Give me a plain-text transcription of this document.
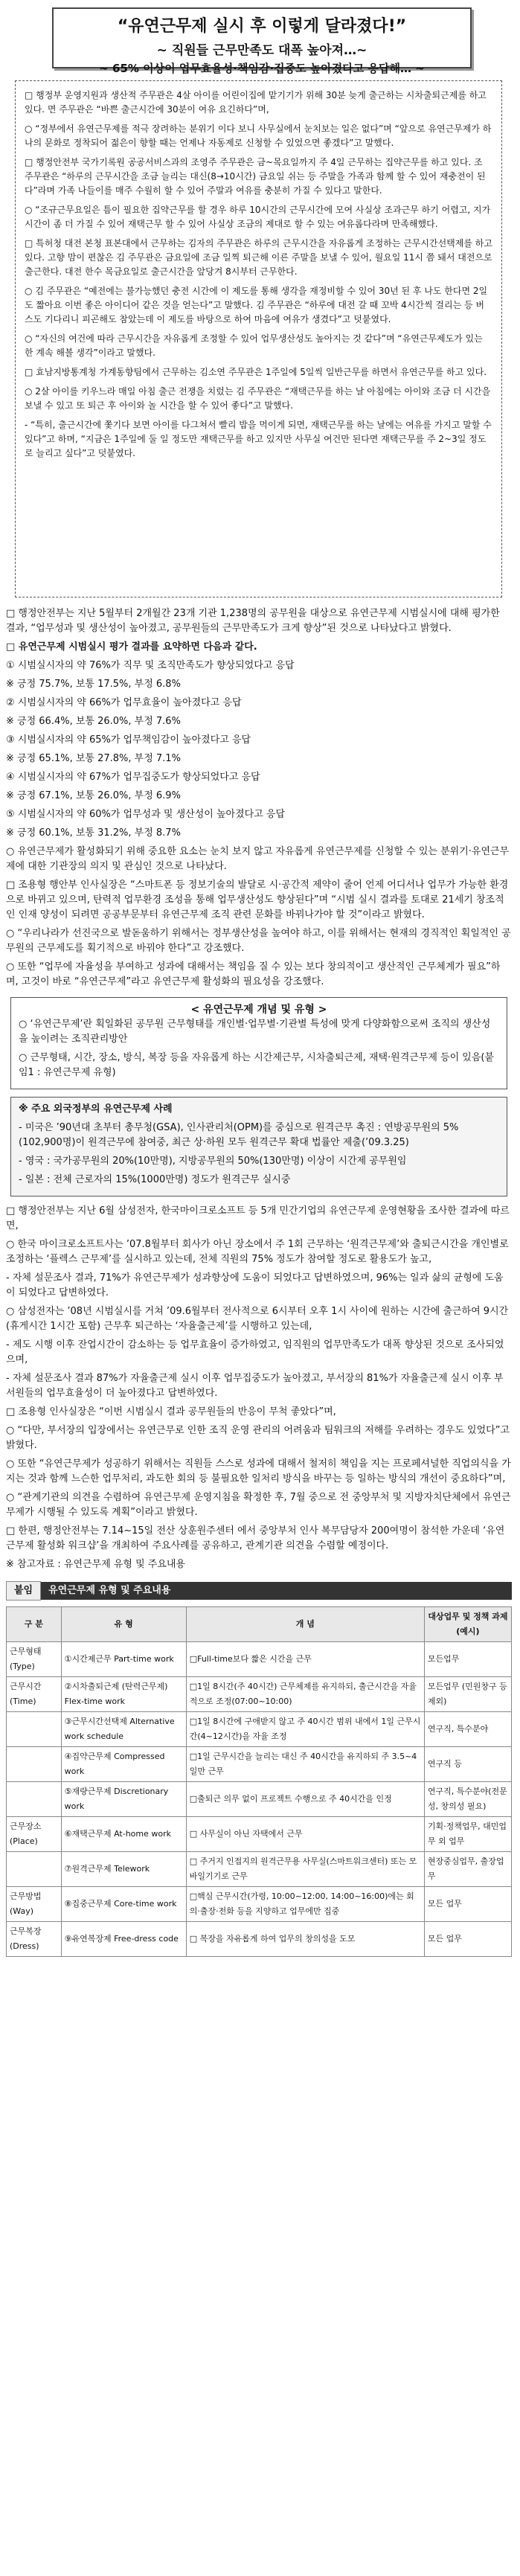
“유연근무제 실시 후 이렇게 달라졌다!”
~ 직원들 근무만족도 대폭 높아져…~
~ 65% 이상이 업무효율성·책임감·집중도 높아졌다고 응답해… ~

□ 행정부 운영지원과 생산적 주무관은 4살 아이를 어린이집에 맡기기가 위해 30분 늦게 출근하는 시차출퇴근제를 하고 있다. 면 주무관은 “바쁜 출근시간에 30분이 여유 요긴하다”며,

○ “정부에서 유연근무제를 적극 장려하는 분위기 이다 보니 사무실에서 눈치보는 일은 없다”며 “앞으로 유연근무제가 하나의 문화로 정착되어 젊은이 향할 때는 언제나 자동제로 신청할 수 있었으면 좋겠다”고 말했다.

□ 행정안전부 국가기록원 공공서비스과의 조영주 주무관은 금~목요일까지 주 4일 근무하는 집약근무를 하고 있다. 조 주무관은 “하루의 근무시간을 조금 늘리는 대신(8→10시간) 금요일 쉬는 등 주말을 가족과 함께 할 수 있어 재충전이 된다”라며 가족 나들이를 매주 수월히 할 수 있어 주말과 여유를 충분히 가질 수 있다고 말한다.

○ “조규근무요일은 틈이 필요한 집약근무를 할 경우 하루 10시간의 근무시간에 모여 사실상 조과근무 하기 어렵고, 지가시간이 좀 더 가질 수 있어 재택근무 할 수 있어 사실상 조금의 제대로 할 수 있는 여유롭다라며 만족해했다.

□ 특허청 대전 본청 표본대에서 근무하는 김자의 주무관은 하루의 근무시간을 자유롭게 조정하는 근무시간선택제를 하고 있다. 고향 맘이 편찮은 김 주무관은 금요일에 조금 일찍 퇴근해 이른 주말을 보낼 수 있어, 월요일 11시 쯤 돼서 대전으로 출근한다. 대전 한수 목금요일로 출근시간을 앞당겨 8시부터 근무한다.

○ 김 주무관은 “예전에는 불가능했던 충전 시간에 이 제도를 통해 생각을 재정비할 수 있어 30년 된 후 나도 한다면 2일도 짧아요 이번 좋은 아이디어 같은 것을 얻는다”고 말했다. 김 주무관은 “하루에 대전 갈 때 꼬박 4시간씩 걸리는 등 버스도 기다리니 피곤해도 참았는데 이 제도를 바탕으로 하여 마음에 여유가 생겼다”고 덧붙였다.

○ “자신의 여건에 따라 근무시간을 자유롭게 조정할 수 있어 업무생산성도 높아지는 것 같다”며 “유연근무제도가 있는 한 계속 해볼 생각”이라고 말했다.

□ 효남지방통계청 가계동향팀에서 근무하는 김소연 주무관은 1주일에 5일씩 일반근무를 하면서 유연근무를 하고 있다.

○ 2살 아이를 키우느라 매일 아침 출근 전쟁을 치렀는 김 주무관은 “재택근무를 하는 날 아침에는 아이와 조금 더 시간을 보낼 수 있고 또 퇴근 후 아이와 놀 시간을 할 수 있어 좋다”고 말했다.

- “특히, 출근시간에 쫓기다 보면 아이를 다그쳐서 빨리 밥을 먹이게 되면, 재택근무를 하는 날에는 여유를 가지고 말할 수 있다”고 하며, “지금은 1주일에 둘 일 정도만 재택근무를 하고 있지만 사무실 여건만 된다면 재택근무를 주 2~3일 정도로 늘리고 싶다”고 덧붙였다.

□ 행정안전부는 지난 5월부터 2개월간 23개 기관 1,238명의 공무원을 대상으로 유연근무제 시범실시에 대해 평가한 결과, “업무성과 및 생산성이 높아졌고, 공무원들의 근무만족도가 크게 향상”된 것으로 나타났다고 밝혔다.

□ 유연근무제 시범실시 평가 결과를 요약하면 다음과 같다.

① 시범실시자의 약 76%가 직무 및 조직만족도가 향상되었다고 응답

※ 긍정 75.7%, 보통 17.5%, 부정 6.8%

② 시범실시자의 약 66%가 업무효율이 높아졌다고 응답

※ 긍정 66.4%, 보통 26.0%, 부정 7.6%

③ 시범실시자의 약 65%가 업무책임감이 높아졌다고 응답

※ 긍정 65.1%, 보통 27.8%, 부정 7.1%

④ 시범실시자의 약 67%가 업무집중도가 향상되었다고 응답

※ 긍정 67.1%, 보통 26.0%, 부정 6.9%

⑤ 시범실시자의 약 60%가 업무성과 및 생산성이 높아졌다고 응답

※ 긍정 60.1%, 보통 31.2%, 부정 8.7%

○ 유연근무제가 활성화되기 위해 중요한 요소는 눈치 보지 않고 자유롭게 유연근무제를 신청할 수 있는 분위기·유연근무제에 대한 기관장의 의지 및 관심인 것으로 나타났다.

□ 조용형 행안부 인사실장은 “스마트폰 등 정보기술의 발달로 시·공간적 제약이 줄어 언제 어디서나 업무가 가능한 환경으로 바뀌고 있으며, 탄력적 업무환경 조성을 통해 업무생산성도 향상된다”며 “시범 실시 결과를 토대로 21세기 창조적인 인재 양성이 되려면 공공부문부터 유연근무제 조직 관련 문화를 바꿔나가야 할 것”이라고 밝혔다.

○ “우리나라가 선진국으로 발돋움하기 위해서는 정부생산성을 높여야 하고, 이를 위해서는 현재의 경직적인 획일적인 공무원의 근무제도를 획기적으로 바꿔야 한다”고 강조했다.

○ 또한 “업무에 자율성을 부여하고 성과에 대해서는 책임을 질 수 있는 보다 창의적이고 생산적인 근무체계가 필요”하며, 고것이 바로 “유연근무제”라고 유연근무제 활성화의 필요성을 강조했다.

< 유연근무제 개념 및 유형 >

○ ‘유연근무제’란 획일화된 공무원 근무형태를 개인별·업무별·기관별 특성에 맞게 다양화함으로써 조직의 생산성을 높이려는 조직관리방안

○ 근무형태, 시간, 장소, 방식, 복장 등을 자유롭게 하는 시간제근무, 시차출퇴근제, 재택·원격근무제 등이 있음(붙임1 : 유연근무제 유형)

※ 주요 외국정부의 유연근무제 사례

- 미국은 ’90년대 초부터 총무청(GSA), 인사관리처(OPM)를 중심으로 원격근무 촉진 : 연방공무원의 5%(102,900명)이 원격근무에 참여중, 최근 상·하원 모두 원격근무 확대 법률안 제출(’09.3.25)

- 영국 : 국가공무원의 20%(10만명), 지방공무원의 50%(130만명) 이상이 시간제 공무원임

- 일본 : 전체 근로자의 15%(1000만명) 정도가 원격근무 실시중

□ 행정안전부는 지난 6월 삼성전자, 한국마이크로소프트 등 5개 민간기업의 유연근무제 운영현황을 조사한 결과에 따르면,

○ 한국 마이크로소프트사는 ’07.8월부터 회사가 아닌 장소에서 주 1회 근무하는 ‘원격근무제’와 출퇴근시간을 개인별로 조정하는 ‘플렉스 근무제’를 실시하고 있는데, 전체 직원의 75% 정도가 참여할 정도로 활용도가 높고,

- 자체 설문조사 결과, 71%가 유연근무제가 성과향상에 도움이 되었다고 답변하였으며, 96%는 일과 삶의 균형에 도움이 되었다고 답변하였다.

○ 삼성전자는 ’08년 시범실시를 거쳐 ’09.6월부터 전사적으로 6시부터 오후 1시 사이에 원하는 시간에 출근하여 9시간(휴게시간 1시간 포함) 근무후 퇴근하는 ‘자율출근제’를 시행하고 있는데,

- 제도 시행 이후 잔업시간이 감소하는 등 업무효율이 증가하였고, 임직원의 업무만족도가 대폭 향상된 것으로 조사되었으며,

- 자체 설문조사 결과 87%가 자율출근제 실시 이후 업무집중도가 높아졌고, 부서장의 81%가 자율출근제 실시 이후 부서원들의 업무효율성이 더 높아졌다고 답변하였다.

□ 조용형 인사실장은 “이번 시범실시 결과 공무원들의 반응이 무척 좋았다”며,

○ “다만, 부서장의 입장에서는 유연근무로 인한 조직 운영 관리의 어려움과 팀워크의 저해를 우려하는 경우도 있었다”고 밝혔다.

○ 또한 “유연근무제가 성공하기 위해서는 직원들 스스로 성과에 대해서 철저히 책임을 지는 프로페셔널한 직업의식을 가지는 것과 함께 느슨한 업무처리, 과도한 회의 등 불필요한 일처리 방식을 바꾸는 등 일하는 방식의 개선이 중요하다”며,

○ “관계기관의 의견을 수렴하여 유연근무제 운영지침을 확정한 후, 7월 중으로 전 중앙부처 및 지방자치단체에서 유연근무제가 시행될 수 있도록 계획”이라고 밝혔다.

□ 한편, 행정안전부는 7.14~15일 전산 상훈원주센터 에서 중앙부처 인사 복무담당자 200여명이 참석한 가운데 ‘유연근무제 활성화 워크샵’을 개최하여 주요사례를 공유하고, 관계기관 의견을 수렴할 예정이다.

※ 참고자료 : 유연근무제 유형 및 주요내용

붙임	유연근무제 유형 및 주요내용
구 분	유 형	개 념	대상업무 및 정책 과제(예시)
근무형태 (Type)	①시간제근무 Part-time work	□Full-time보다 짧은 시간을 근무	모든업무
근무시간 (Time)	②시차출퇴근제 (탄력근무제) Flex-time work	□1일 8시간(주 40시간) 근무체제를 유지하되, 출근시간을 자율적으로 조정(07:00~10:00)	모든업무 (민원창구 등 제외)
	③근무시간선택제 Alternative work schedule	□1일 8시간에 구애받지 않고 주 40시간 범위 내에서 1일 근무시간(4~12시간)을 자율 조정	연구직, 특수분야
	④집약근무제 Compressed work	□1일 근무시간을 늘리는 대신 주 40시간을 유지하되 주 3.5~4일만 근무	연구직 등
	⑤재량근무제 Discretionary work	□출퇴근 의무 없이 프로젝트 수행으로 주 40시간을 인정	연구직, 특수분야(전문성, 창의성 필요)
근무장소 (Place)	⑥재택근무제 At-home work	□ 사무실이 아닌 자택에서 근무	기획·정책업무, 대민업무 외 업무
	⑦원격근무제 Telework	□ 주거지 인접지의 원격근무용 사무실(스마트워크센터) 또는 모바일기기로 근무	현장중심업무, 출장업무
근무방법 (Way)	⑧집중근무제 Core-time work	□핵심 근무시간(가령, 10:00~12:00, 14:00~16:00)에는 회의·출장·전화 등을 지양하고 업무에만 집중	모든 업무
근무복장 (Dress)	⑨유연복장제 Free-dress code	□ 복장을 자유롭게 하여 업무의 창의성을 도모	모든 업무
